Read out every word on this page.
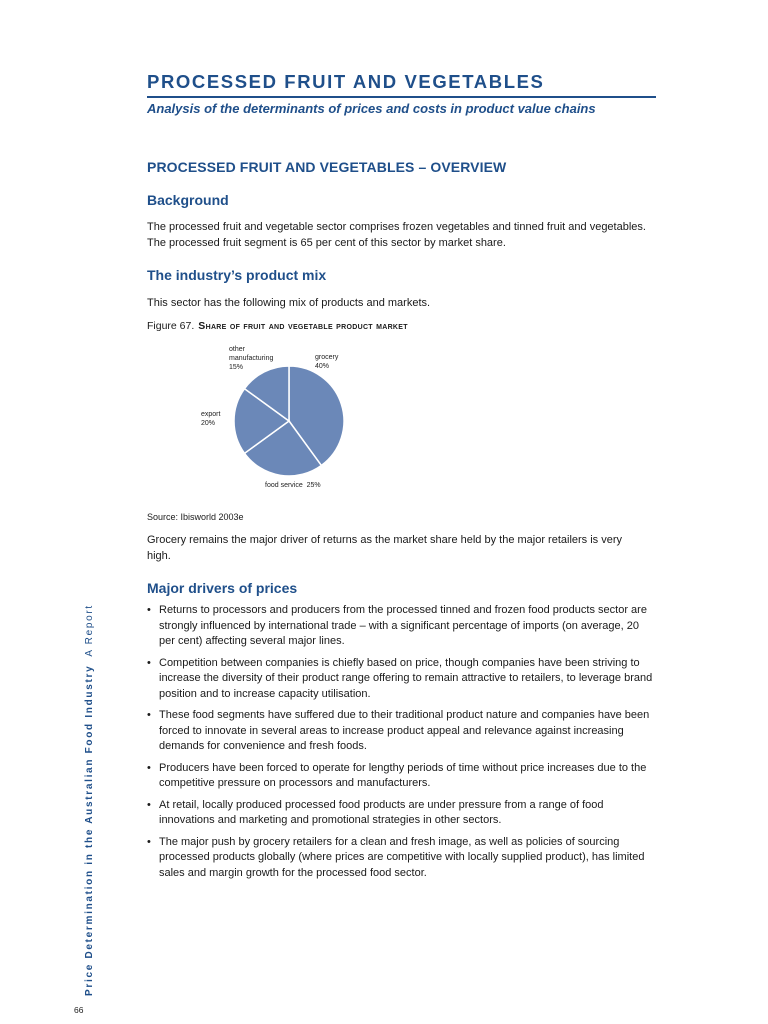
PROCESSED FRUIT AND VEGETABLES
Analysis of the determinants of prices and costs in product value chains
PROCESSED FRUIT AND VEGETABLES – OVERVIEW
Background
The processed fruit and vegetable sector comprises frozen vegetables and tinned fruit and vegetables. The processed fruit segment is 65 per cent of this sector by market share.
The industry’s product mix
This sector has the following mix of products and markets.
Figure 67. Share of fruit and vegetable product market
other manufacturing
15%
grocery
40%
export
20%
food service 25%
Source: Ibisworld 2003e
Grocery remains the major driver of returns as the market share held by the major retailers is very high.
Major drivers of prices
• Returns to processors and producers from the processed tinned and frozen food products sector are strongly influenced by international trade – with a significant percentage of imports (on average, 20 per cent) affecting several major lines.
• Competition between companies is chiefly based on price, though companies have been striving to increase the diversity of their product range offering to remain attractive to retailers, to leverage brand position and to increase capacity utilisation.
• These food segments have suffered due to their traditional product nature and companies have been forced to innovate in several areas to increase product appeal and relevance against increasing demands for convenience and fresh foods.
• Producers have been forced to operate for lengthy periods of time without price increases due to the competitive pressure on processors and manufacturers.
• At retail, locally produced processed food products are under pressure from a range of food innovations and marketing and promotional strategies in other sectors.
• The major push by grocery retailers for a clean and fresh image, as well as policies of sourcing processed products globally (where prices are competitive with locally supplied product), has limited sales and margin growth for the processed food sector.
Price Determination in the Australian Food IndustryA Report
66
